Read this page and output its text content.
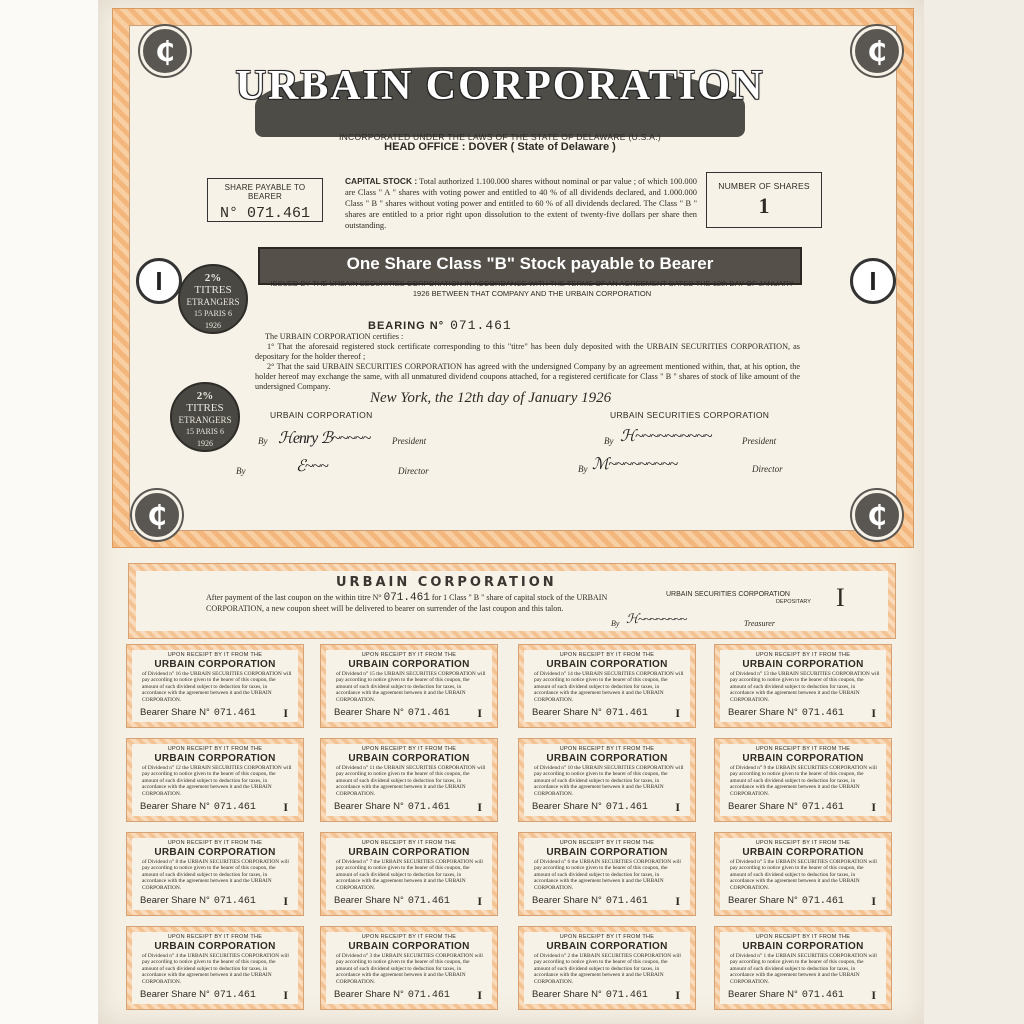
₵	₵
₵	₵
I	I
URBAIN CORPORATION
INCORPORATED UNDER THE LAWS OF THE STATE OF DELAWARE (U.S.A.)
HEAD OFFICE : DOVER ( State of Delaware )
SHARE PAYABLE TO BEARER
N° 071.461
NUMBER OF SHARES
1
CAPITAL STOCK : Total authorized 1.100.000 shares without nominal or par value ; of which 100.000 are Class " A " shares with voting power and entitled to 40 % of all dividends declared, and 1.000.000 Class " B " shares without voting power and entitled to 60 % of all dividends declared. The Class " B " shares are entitled to a prior right upon dissolution to the extent of twenty-five dollars per share then outstanding.
One Share Class "B" Stock payable to Bearer
ISSUED BY THE URBAIN SECURITIES CORPORATION IN ACCORDANCE WITH THE TERMS OF AN AGREEMENT DATED THE 12th DAY OF JANUARY 1926 BETWEEN THAT COMPANY AND THE URBAIN CORPORATION
2%
TITRES
ETRANGERS
15 PARIS 6
1926
2%
TITRES
ETRANGERS
15 PARIS 6
1926
BEARING N° 071.461
The URBAIN CORPORATION certifies :
1° That the aforesaid registered stock certificate corresponding to this "titre" has been duly deposited with the URBAIN SECURITIES CORPORATION, as depositary for the holder thereof ;
2° That the said URBAIN SECURITIES CORPORATION has agreed with the undersigned Company by an agreement mentioned within, that, at his option, the holder hereof may exchange the same, with all unmatured dividend coupons attached, for a registered certificate for Class " B " shares of stock of like amount of the undersigned Company.
New York, the 12th day of January 1926
URBAIN CORPORATION	URBAIN SECURITIES CORPORATION
By ℋenry ℬ~~~~~ President
By	ℰ~~~	Director
By ℋ~~~~~~~~~~	President
By ℳ~~~~~~~~~	Director
URBAIN CORPORATION
After payment of the last coupon on the within titre N° 071.461 for 1 Class " B " share of capital stock of the URBAIN CORPORATION, a new coupon sheet will be delivered to bearer on surrender of the last coupon and this talon.
URBAIN SECURITIES CORPORATION
DEPOSITARY
By ℋ~~~~~~~~	Treasurer
I
UPON RECEIPT BY IT FROM THE
URBAIN CORPORATION
of Dividend n° 16 the URBAIN SECURITIES CORPORATION will pay according to notice given to the bearer of this coupon, the amount of such dividend subject to deduction for taxes, in accordance with the agreement between it and the URBAIN CORPORATION.
Bearer Share N° 071.461 I
UPON RECEIPT BY IT FROM THE
URBAIN CORPORATION
of Dividend n° 15 the URBAIN SECURITIES CORPORATION will pay according to notice given to the bearer of this coupon, the amount of such dividend subject to deduction for taxes, in accordance with the agreement between it and the URBAIN CORPORATION.
Bearer Share N° 071.461 I
UPON RECEIPT BY IT FROM THE
URBAIN CORPORATION
of Dividend n° 14 the URBAIN SECURITIES CORPORATION will pay according to notice given to the bearer of this coupon, the amount of such dividend subject to deduction for taxes, in accordance with the agreement between it and the URBAIN CORPORATION.
Bearer Share N° 071.461 I
UPON RECEIPT BY IT FROM THE
URBAIN CORPORATION
of Dividend n° 13 the URBAIN SECURITIES CORPORATION will pay according to notice given to the bearer of this coupon, the amount of such dividend subject to deduction for taxes, in accordance with the agreement between it and the URBAIN CORPORATION.
Bearer Share N° 071.461 I
UPON RECEIPT BY IT FROM THE
URBAIN CORPORATION
of Dividend n° 12 the URBAIN SECURITIES CORPORATION will pay according to notice given to the bearer of this coupon, the amount of such dividend subject to deduction for taxes, in accordance with the agreement between it and the URBAIN CORPORATION.
Bearer Share N° 071.461 I
UPON RECEIPT BY IT FROM THE
URBAIN CORPORATION
of Dividend n° 11 the URBAIN SECURITIES CORPORATION will pay according to notice given to the bearer of this coupon, the amount of such dividend subject to deduction for taxes, in accordance with the agreement between it and the URBAIN CORPORATION.
Bearer Share N° 071.461 I
UPON RECEIPT BY IT FROM THE
URBAIN CORPORATION
of Dividend n° 10 the URBAIN SECURITIES CORPORATION will pay according to notice given to the bearer of this coupon, the amount of such dividend subject to deduction for taxes, in accordance with the agreement between it and the URBAIN CORPORATION.
Bearer Share N° 071.461 I
UPON RECEIPT BY IT FROM THE
URBAIN CORPORATION
of Dividend n° 9 the URBAIN SECURITIES CORPORATION will pay according to notice given to the bearer of this coupon, the amount of such dividend subject to deduction for taxes, in accordance with the agreement between it and the URBAIN CORPORATION.
Bearer Share N° 071.461 I
UPON RECEIPT BY IT FROM THE
URBAIN CORPORATION
of Dividend n° 8 the URBAIN SECURITIES CORPORATION will pay according to notice given to the bearer of this coupon, the amount of such dividend subject to deduction for taxes, in accordance with the agreement between it and the URBAIN CORPORATION.
Bearer Share N° 071.461 I
UPON RECEIPT BY IT FROM THE
URBAIN CORPORATION
of Dividend n° 7 the URBAIN SECURITIES CORPORATION will pay according to notice given to the bearer of this coupon, the amount of such dividend subject to deduction for taxes, in accordance with the agreement between it and the URBAIN CORPORATION.
Bearer Share N° 071.461 I
UPON RECEIPT BY IT FROM THE
URBAIN CORPORATION
of Dividend n° 6 the URBAIN SECURITIES CORPORATION will pay according to notice given to the bearer of this coupon, the amount of such dividend subject to deduction for taxes, in accordance with the agreement between it and the URBAIN CORPORATION.
Bearer Share N° 071.461 I
UPON RECEIPT BY IT FROM THE
URBAIN CORPORATION
of Dividend n° 5 the URBAIN SECURITIES CORPORATION will pay according to notice given to the bearer of this coupon, the amount of such dividend subject to deduction for taxes, in accordance with the agreement between it and the URBAIN CORPORATION.
Bearer Share N° 071.461 I
UPON RECEIPT BY IT FROM THE
URBAIN CORPORATION
of Dividend n° 4 the URBAIN SECURITIES CORPORATION will pay according to notice given to the bearer of this coupon, the amount of such dividend subject to deduction for taxes, in accordance with the agreement between it and the URBAIN CORPORATION.
Bearer Share N° 071.461 I
UPON RECEIPT BY IT FROM THE
URBAIN CORPORATION
of Dividend n° 3 the URBAIN SECURITIES CORPORATION will pay according to notice given to the bearer of this coupon, the amount of such dividend subject to deduction for taxes, in accordance with the agreement between it and the URBAIN CORPORATION.
Bearer Share N° 071.461 I
UPON RECEIPT BY IT FROM THE
URBAIN CORPORATION
of Dividend n° 2 the URBAIN SECURITIES CORPORATION will pay according to notice given to the bearer of this coupon, the amount of such dividend subject to deduction for taxes, in accordance with the agreement between it and the URBAIN CORPORATION.
Bearer Share N° 071.461 I
UPON RECEIPT BY IT FROM THE
URBAIN CORPORATION
of Dividend n° 1 the URBAIN SECURITIES CORPORATION will pay according to notice given to the bearer of this coupon, the amount of such dividend subject to deduction for taxes, in accordance with the agreement between it and the URBAIN CORPORATION.
Bearer Share N° 071.461 I
